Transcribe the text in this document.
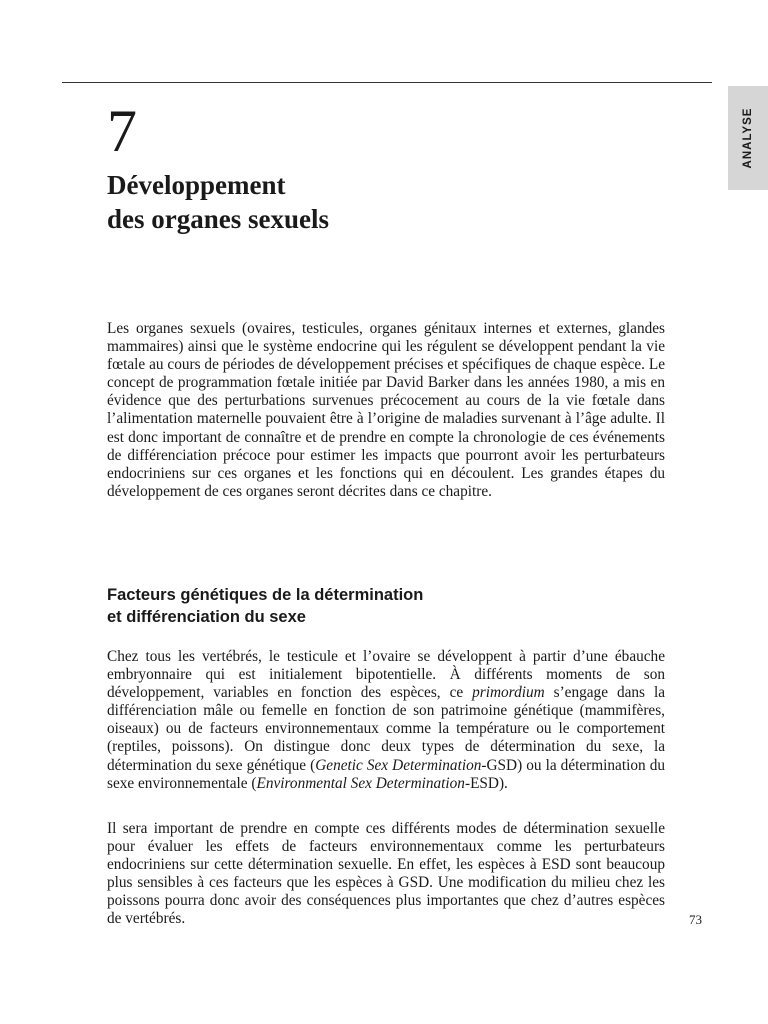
ANALYSE
7
Développement
des organes sexuels

Les organes sexuels (ovaires, testicules, organes génitaux internes et externes, glandes mammaires) ainsi que le système endocrine qui les régulent se développent pendant la vie fœtale au cours de périodes de développement précises et spécifiques de chaque espèce. Le concept de programmation fœtale initiée par David Barker dans les années 1980, a mis en évidence que des perturbations survenues précocement au cours de la vie fœtale dans l’alimentation maternelle pouvaient être à l’origine de maladies survenant à l’âge adulte. Il est donc important de connaître et de prendre en compte la chronologie de ces événements de différenciation précoce pour estimer les impacts que pourront avoir les perturbateurs endocriniens sur ces organes et les fonctions qui en découlent. Les grandes étapes du développement de ces organes seront décrites dans ce chapitre.

Facteurs génétiques de la détermination
et différenciation du sexe

Chez tous les vertébrés, le testicule et l’ovaire se développent à partir d’une ébauche embryonnaire qui est initialement bipotentielle. À différents moments de son développement, variables en fonction des espèces, ce primordium s’engage dans la différenciation mâle ou femelle en fonction de son patrimoine génétique (mammifères, oiseaux) ou de facteurs environnementaux comme la température ou le comportement (reptiles, poissons). On distingue donc deux types de détermination du sexe, la détermination du sexe génétique (Genetic Sex Determination-GSD) ou la détermination du sexe environnementale (Environmental Sex Determination-ESD).

Il sera important de prendre en compte ces différents modes de détermination sexuelle pour évaluer les effets de facteurs environnementaux comme les perturbateurs endocriniens sur cette détermination sexuelle. En effet, les espèces à ESD sont beaucoup plus sensibles à ces facteurs que les espèces à GSD. Une modification du milieu chez les poissons pourra donc avoir des conséquences plus importantes que chez d’autres espèces de vertébrés.	73
